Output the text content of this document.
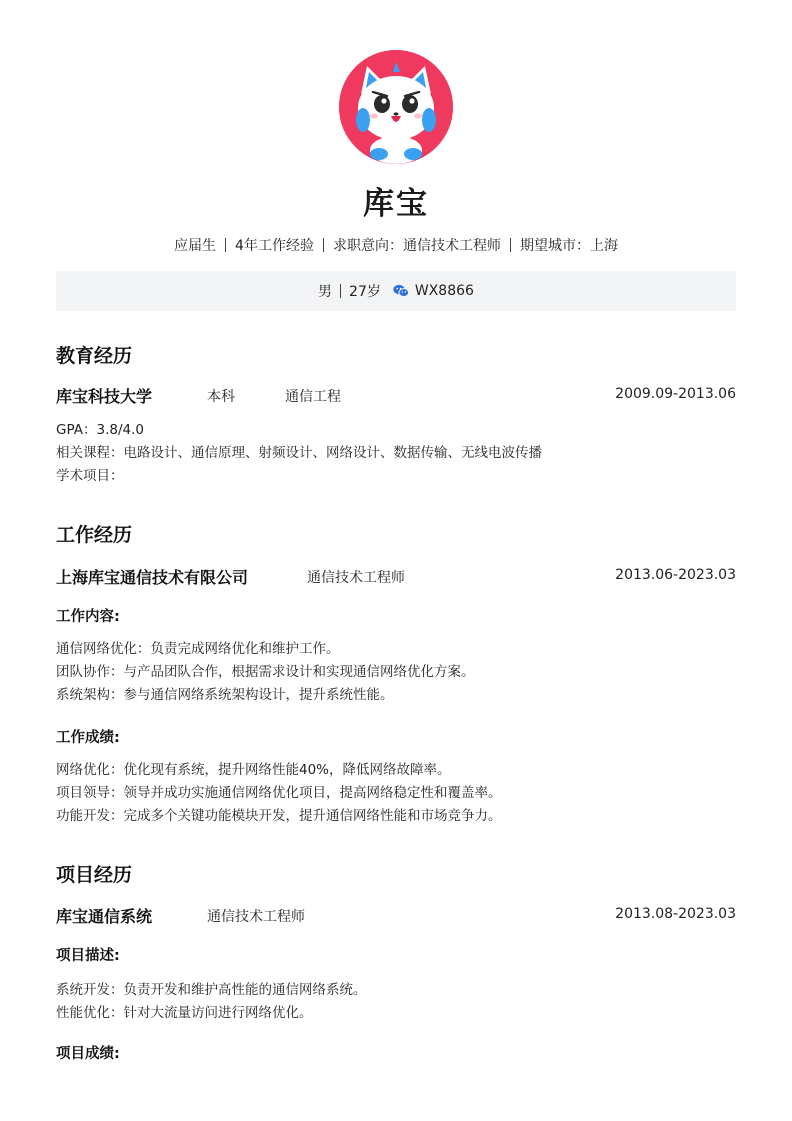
库宝
应届生 4年工作经验 求职意向：通信技术工程师 期望城市：上海
男 27岁 WX8866
教育经历
库宝科技大学	本科	通信工程	2009.09-2013.06
GPA：3.8/4.0
相关课程：电路设计、通信原理、射频设计、网络设计、数据传输、无线电波传播
学术项目：
工作经历
上海库宝通信技术有限公司	通信技术工程师	2013.06-2023.03
工作内容:
通信网络优化：负责完成网络优化和维护工作。
团队协作：与产品团队合作，根据需求设计和实现通信网络优化方案。
系统架构：参与通信网络系统架构设计，提升系统性能。
工作成绩:
网络优化：优化现有系统，提升网络性能40%，降低网络故障率。
项目领导：领导并成功实施通信网络优化项目，提高网络稳定性和覆盖率。
功能开发：完成多个关键功能模块开发，提升通信网络性能和市场竞争力。
项目经历
库宝通信系统	通信技术工程师	2013.08-2023.03
项目描述:
系统开发：负责开发和维护高性能的通信网络系统。
性能优化：针对大流量访问进行网络优化。
项目成绩:
